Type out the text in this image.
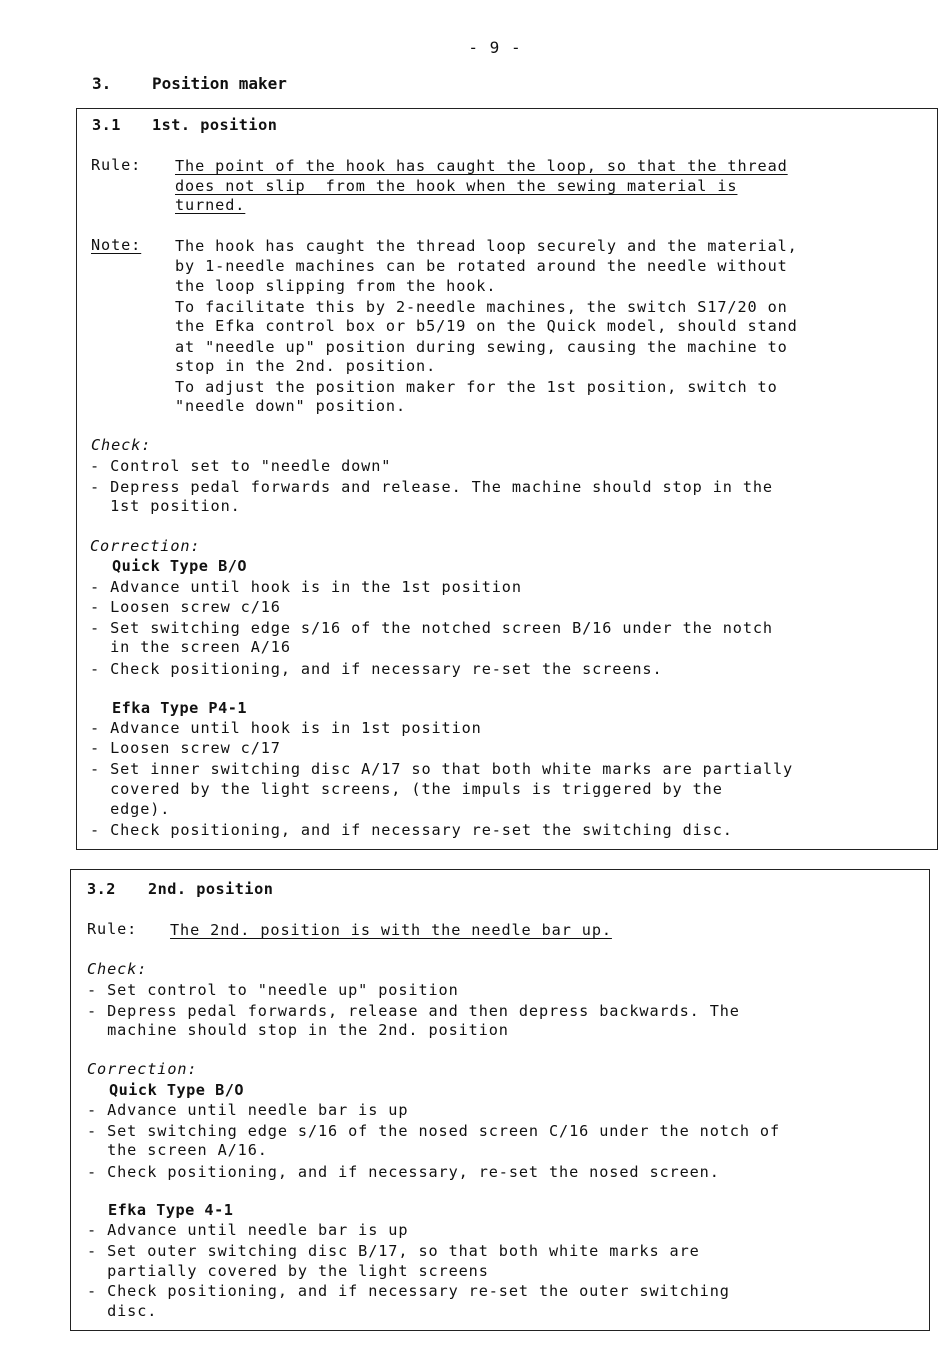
- 9 -
3.	Position maker
3.1 1st. position
Rule: The point of the hook has caught the loop, so that the thread
does not slip  from the hook when the sewing material is
turned.
Note: The hook has caught the thread loop securely and the material,
by 1-needle machines can be rotated around the needle without
the loop slipping from the hook.
To facilitate this by 2-needle machines, the switch S17/20 on
the Efka control box or b5/19 on the Quick model, should stand
at "needle up" position during sewing, causing the machine to
stop in the 2nd. position.
To adjust the position maker for the 1st position, switch to
"needle down" position.
Check:
- Control set to "needle down"
- Depress pedal forwards and release. The machine should stop in the
1st position.
Correction:
Quick Type B/O
- Advance until hook is in the 1st position
- Loosen screw c/16
- Set switching edge s/16 of the notched screen B/16 under the notch
in the screen A/16
- Check positioning, and if necessary re-set the screens.
Efka Type P4-1
- Advance until hook is in 1st position
- Loosen screw c/17
- Set inner switching disc A/17 so that both white marks are partially
covered by the light screens, (the impuls is triggered by the
edge).
- Check positioning, and if necessary re-set the switching disc.
3.2 2nd. position
Rule: The 2nd. position is with the needle bar up.
Check:
- Set control to "needle up" position
- Depress pedal forwards, release and then depress backwards. The
machine should stop in the 2nd. position
Correction:
Quick Type B/O
- Advance until needle bar is up
- Set switching edge s/16 of the nosed screen C/16 under the notch of
the screen A/16.
- Check positioning, and if necessary, re-set the nosed screen.
Efka Type 4-1
- Advance until needle bar is up
- Set outer switching disc B/17, so that both white marks are
partially covered by the light screens
- Check positioning, and if necessary re-set the outer switching
disc.
